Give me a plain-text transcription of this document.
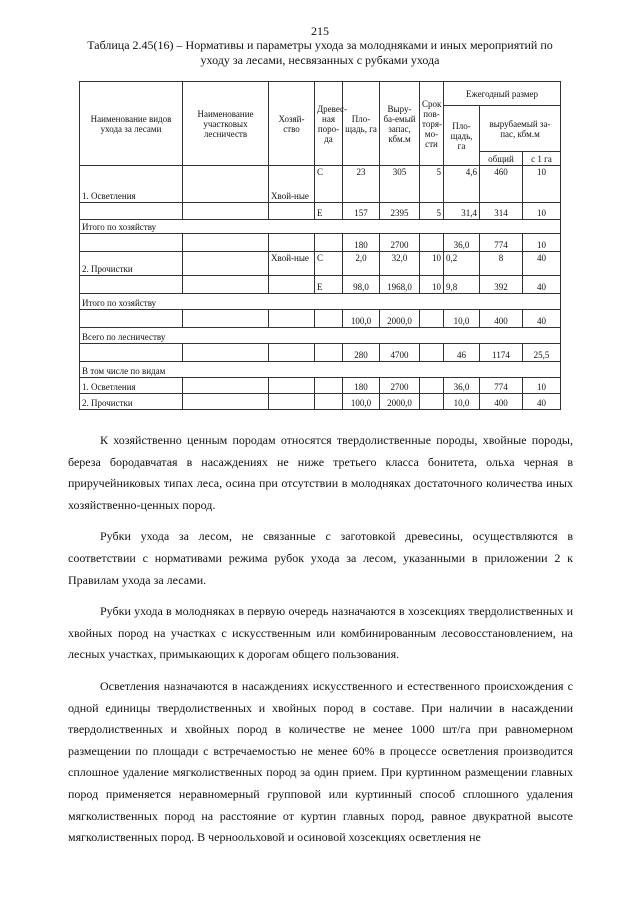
215
Таблица 2.45(16) – Нормативы и параметры ухода за молодняками и иных мероприятий по
уходу за лесами, несвязанных с рубками ухода
Наименование видов ухода за лесами	Наименование участковых лесничеств	Хозяй-ство	Древес-ная поро-да	Пло-щадь, га	Выру-ба-емый запас, кбм.м	Срок пов-торя-мо-сти	Ежегодный размер		
							Пло-щадь, га	вырубаемый за-пас, кбм.м	
								общий	с 1 га
1. Осветления		Хвой-ные	С	23	305	5	4,6	460	10
			Е	157	2395	5	31,4	314	10
Итого по хозяйству									
				180	2700		36,0	774	10
2. Прочистки		Хвой-ные	С	2,0	32,0	10	0,2	8	40
			Е	98,0	1968,0	10	9,8	392	40
Итого по хозяйству									
				100,0	2000,0		10,0	400	40
Всего по лесничеству									
				280	4700		46	1174	25,5
В том числе по видам									
1. Осветления				180	2700		36,0	774	10
2. Прочистки				100,0	2000,0		10,0	400	40

К хозяйственно ценным породам относятся твердолиственные породы, хвойные породы, береза бородавчатая в насаждениях не ниже третьего класса бонитета, ольха черная в приручейниковых типах леса, осина при отсутствии в молодняках достаточного количества иных хозяйственно-ценных пород.

Рубки ухода за лесом, не связанные с заготовкой древесины, осуществляются в соответствии с нормативами режима рубок ухода за лесом, указанными в приложении 2 к Правилам ухода за лесами.

Рубки ухода в молодняках в первую очередь назначаются в хозсекциях твердолиственных и хвойных пород на участках с искусственным или комбинированным лесовосстановлением, на лесных участках, примыкающих к дорогам общего пользования.

Осветления назначаются в насаждениях искусственного и естественного происхождения с одной единицы твердолиственных и хвойных пород в составе. При наличии в насаждении твердолиственных и хвойных пород в количестве не менее 1000 шт/га при равномерном размещении по площади с встречаемостью не менее 60% в процессе осветления производится сплошное удаление мягколиственных пород за один прием. При куртинном размещении главных пород применяется неравномерный групповой или куртинный способ сплошного удаления мягколиственных пород на расстояние от куртин главных пород, равное двукратной высоте мягколиственных пород. В черноольховой и осиновой хозсекциях осветления не
